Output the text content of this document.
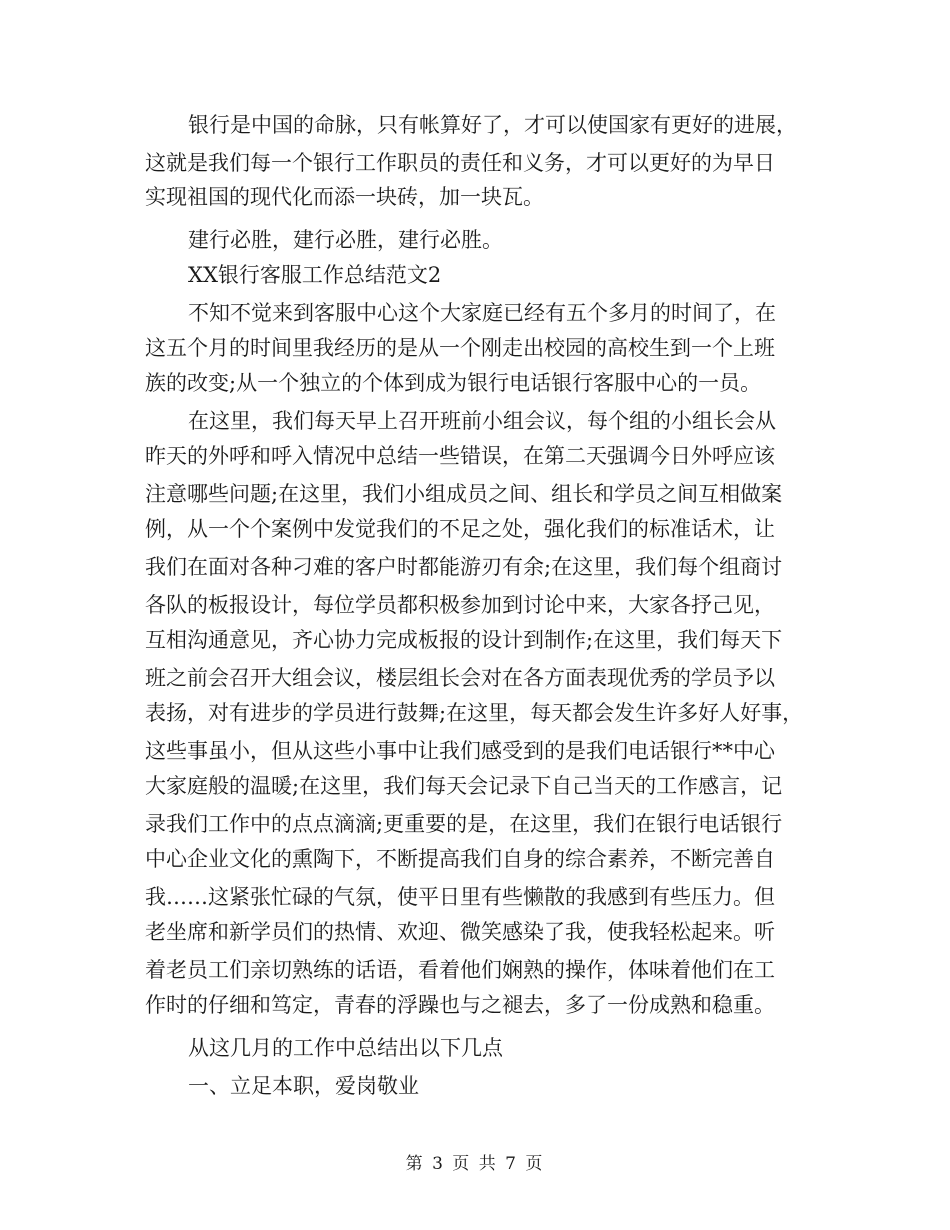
银行是中国的命脉，只有帐算好了，才可以使国家有更好的进展，
这就是我们每一个银行工作职员的责任和义务，才可以更好的为早日
实现祖国的现代化而添一块砖，加一块瓦。
建行必胜，建行必胜，建行必胜。
XX银行客服工作总结范文2
不知不觉来到客服中心这个大家庭已经有五个多月的时间了，在
这五个月的时间里我经历的是从一个刚走出校园的高校生到一个上班
族的改变;从一个独立的个体到成为银行电话银行客服中心的一员。
在这里，我们每天早上召开班前小组会议，每个组的小组长会从
昨天的外呼和呼入情况中总结一些错误，在第二天强调今日外呼应该
注意哪些问题;在这里，我们小组成员之间、组长和学员之间互相做案
例，从一个个案例中发觉我们的不足之处，强化我们的标准话术，让
我们在面对各种刁难的客户时都能游刃有余;在这里，我们每个组商讨
各队的板报设计，每位学员都积极参加到讨论中来，大家各抒己见，
互相沟通意见，齐心协力完成板报的设计到制作;在这里，我们每天下
班之前会召开大组会议，楼层组长会对在各方面表现优秀的学员予以
表扬，对有进步的学员进行鼓舞;在这里，每天都会发生许多好人好事，
这些事虽小，但从这些小事中让我们感受到的是我们电话银行**中心
大家庭般的温暖;在这里，我们每天会记录下自己当天的工作感言，记
录我们工作中的点点滴滴;更重要的是，在这里，我们在银行电话银行
中心企业文化的熏陶下，不断提高我们自身的综合素养，不断完善自
我……这紧张忙碌的气氛，使平日里有些懒散的我感到有些压力。但
老坐席和新学员们的热情、欢迎、微笑感染了我，使我轻松起来。听
着老员工们亲切熟练的话语，看着他们娴熟的操作，体味着他们在工
作时的仔细和笃定，青春的浮躁也与之褪去，多了一份成熟和稳重。
从这几月的工作中总结出以下几点
一、立足本职，爱岗敬业
第 3 页 共 7 页
